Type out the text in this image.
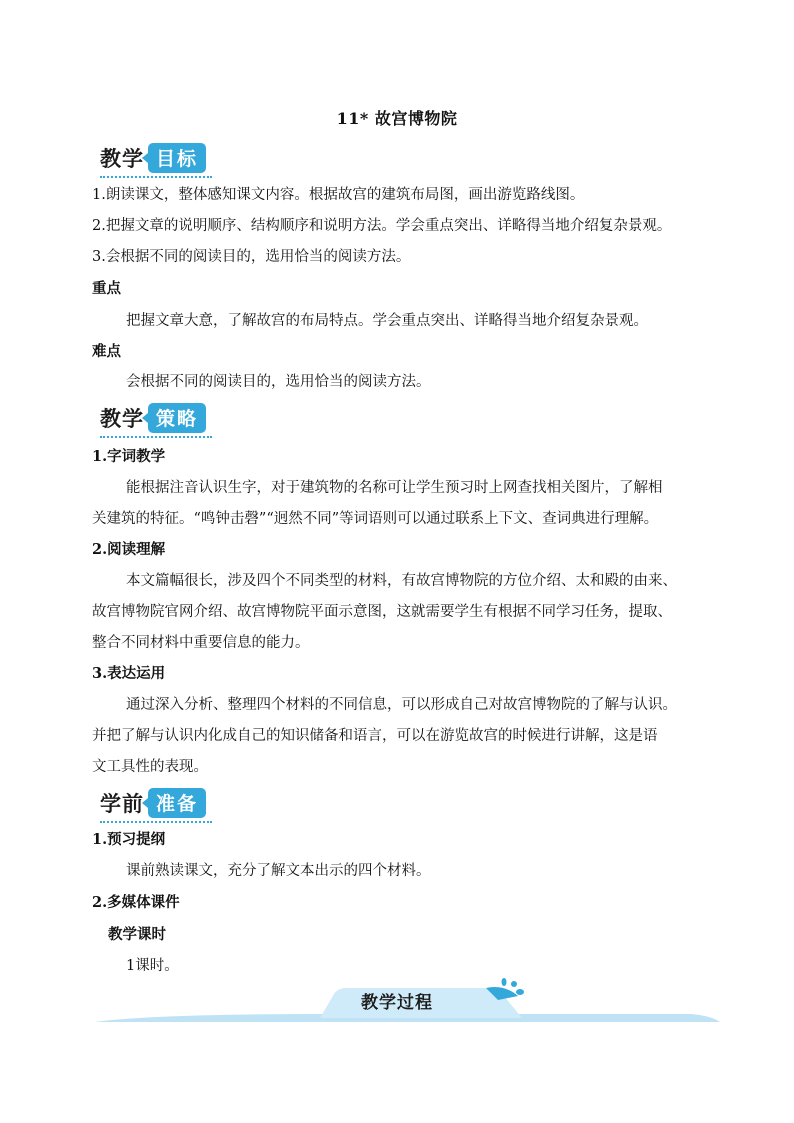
11* 故宫博物院
教学 目标
1.朗读课文，整体感知课文内容。根据故宫的建筑布局图，画出游览路线图。
2.把握文章的说明顺序、结构顺序和说明方法。学会重点突出、详略得当地介绍复杂景观。
3.会根据不同的阅读目的，选用恰当的阅读方法。
重点
把握文章大意，了解故宫的布局特点。学会重点突出、详略得当地介绍复杂景观。
难点
会根据不同的阅读目的，选用恰当的阅读方法。
教学 策略
1.字词教学
能根据注音认识生字，对于建筑物的名称可让学生预习时上网查找相关图片，了解相
关建筑的特征。“鸣钟击磬”“迥然不同”等词语则可以通过联系上下文、查词典进行理解。
2.阅读理解
本文篇幅很长，涉及四个不同类型的材料，有故宫博物院的方位介绍、太和殿的由来、
故宫博物院官网介绍、故宫博物院平面示意图，这就需要学生有根据不同学习任务，提取、
整合不同材料中重要信息的能力。
3.表达运用
通过深入分析、整理四个材料的不同信息，可以形成自己对故宫博物院的了解与认识。
并把了解与认识内化成自己的知识储备和语言，可以在游览故宫的时候进行讲解，这是语
文工具性的表现。
学前 准备
1.预习提纲
课前熟读课文，充分了解文本出示的四个材料。
2.多媒体课件
教学课时
1课时。
教学过程
